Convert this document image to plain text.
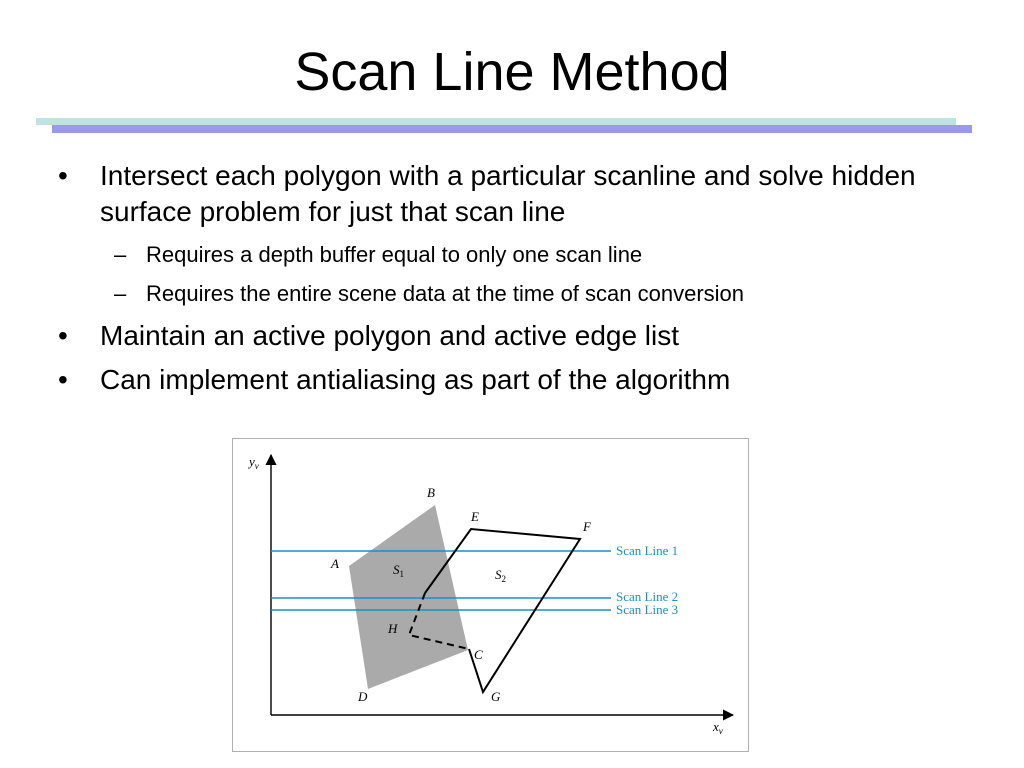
Scan Line Method
•	Intersect each polygon with a particular scanline and solve hidden surface problem for just that scan line
– Requires a depth buffer equal to only one scan line
– Requires the entire scene data at the time of scan conversion
•	Maintain an active polygon and active edge list
•	Can implement antialiasing as part of the algorithm
$y_v$
$x_v$
A
B
C
D
E
F
G
H
$S_1$	$S_2$
Scan Line 1
Scan Line 2
Scan Line 3
